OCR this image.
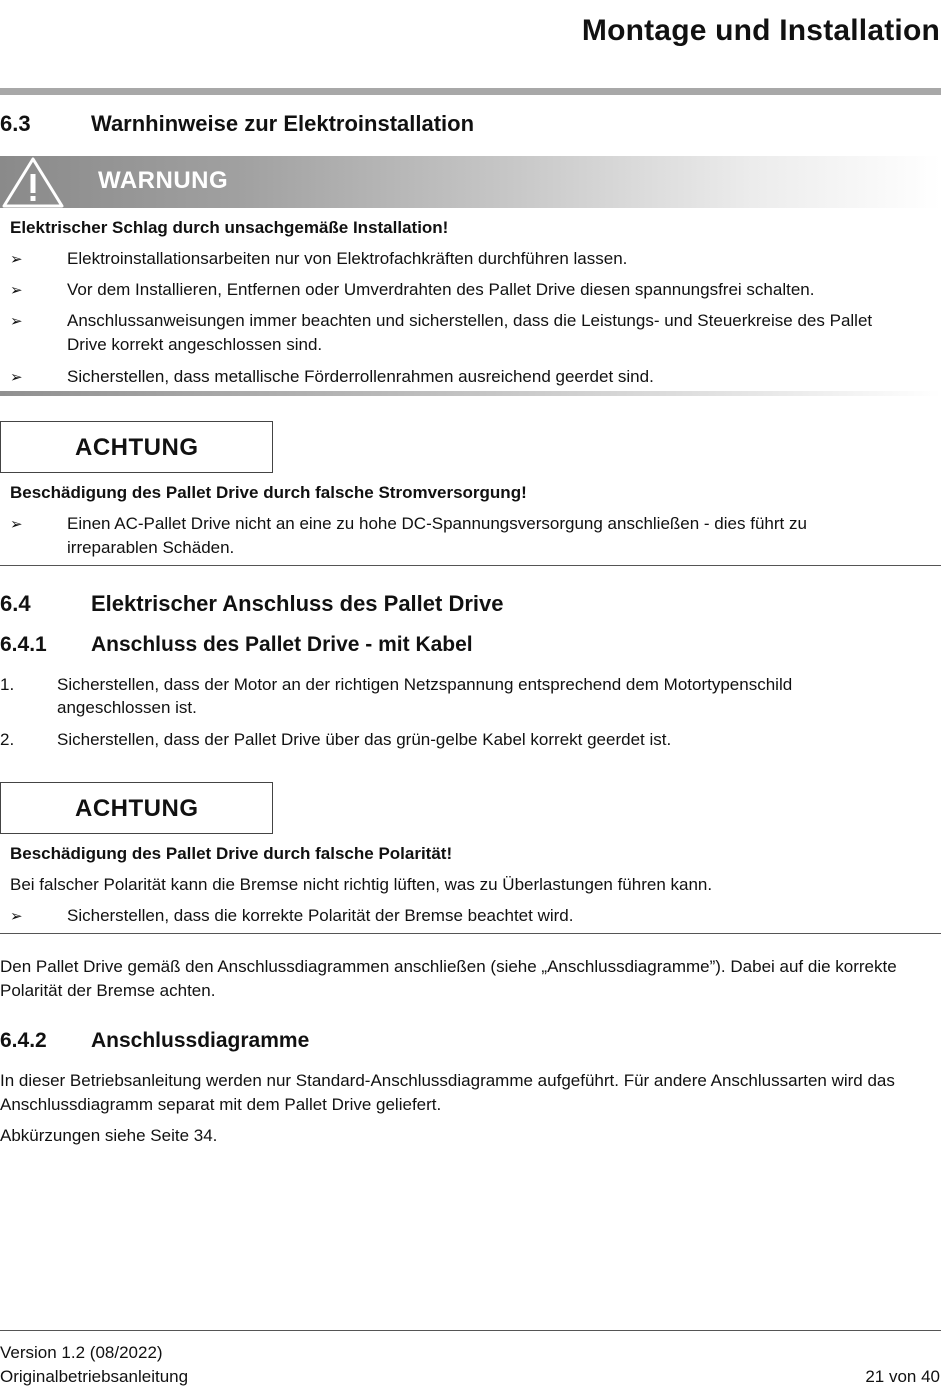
Montage und Installation
6.3	Warnhinweise zur Elektroinstallation
WARNUNG
Elektrischer Schlag durch unsachgemäße Installation!
➢	Elektroinstallationsarbeiten nur von Elektrofachkräften durchführen lassen.
➢	Vor dem Installieren, Entfernen oder Umverdrahten des Pallet Drive diesen spannungsfrei schalten.
➢	Anschlussanweisungen immer beachten und sicherstellen, dass die Leistungs- und Steuerkreise des Pallet
Drive korrekt angeschlossen sind.
➢	Sicherstellen, dass metallische Förderrollenrahmen ausreichend geerdet sind.
ACHTUNG
Beschädigung des Pallet Drive durch falsche Stromversorgung!
➢	Einen AC-Pallet Drive nicht an eine zu hohe DC-Spannungsversorgung anschließen - dies führt zu
irreparablen Schäden.
6.4	Elektrischer Anschluss des Pallet Drive
6.4.1 Anschluss des Pallet Drive - mit Kabel
1.	Sicherstellen, dass der Motor an der richtigen Netzspannung entsprechend dem Motortypenschild
angeschlossen ist.
2.	Sicherstellen, dass der Pallet Drive über das grün-gelbe Kabel korrekt geerdet ist.
ACHTUNG
Beschädigung des Pallet Drive durch falsche Polarität!
Bei falscher Polarität kann die Bremse nicht richtig lüften, was zu Überlastungen führen kann.
➢	Sicherstellen, dass die korrekte Polarität der Bremse beachtet wird.
Den Pallet Drive gemäß den Anschlussdiagrammen anschließen (siehe „Anschlussdiagramme”). Dabei auf die korrekte
Polarität der Bremse achten.
6.4.2 Anschlussdiagramme
In dieser Betriebsanleitung werden nur Standard-Anschlussdiagramme aufgeführt. Für andere Anschlussarten wird das
Anschlussdiagramm separat mit dem Pallet Drive geliefert.
Abkürzungen siehe Seite 34.
Version 1.2 (08/2022)
Originalbetriebsanleitung	21 von 40
